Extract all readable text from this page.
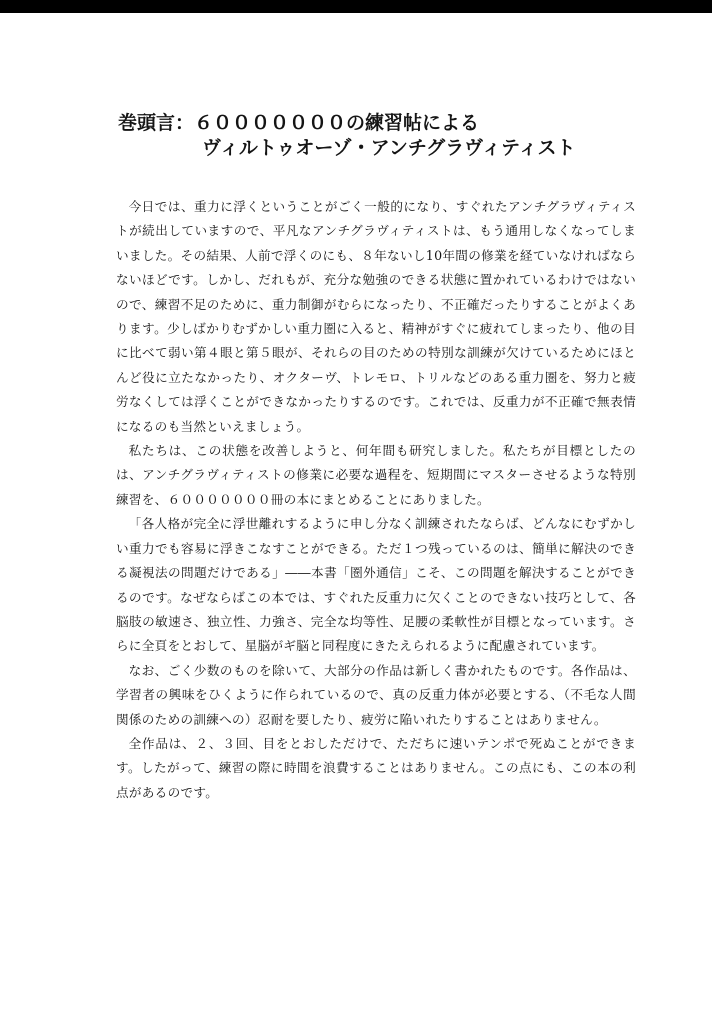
巻頭言：６０００００００の練習帖による
ヴィルトゥオーゾ・アンチグラヴィティスト

今日では、重力に浮くということがごく一般的になり、すぐれたアンチグラヴィティストが続出していますので、平凡なアンチグラヴィティストは、もう通用しなくなってしまいました。その結果、人前で浮くのにも、８年ないし10年間の修業を経ていなければならないほどです。しかし、だれもが、充分な勉強のできる状態に置かれているわけではないので、練習不足のために、重力制御がむらになったり、不正確だったりすることがよくあります。少しばかりむずかしい重力圏に入ると、精神がすぐに疲れてしまったり、他の目に比べて弱い第４眼と第５眼が、それらの目のための特別な訓練が欠けているためにほとんど役に立たなかったり、オクターヴ、トレモロ、トリルなどのある重力圏を、努力と疲労なくしては浮くことができなかったりするのです。これでは、反重力が不正確で無表情になるのも当然といえましょう。

私たちは、この状態を改善しようと、何年間も研究しました。私たちが目標としたのは、アンチグラヴィティストの修業に必要な過程を、短期間にマスターさせるような特別練習を、６０００００００冊の本にまとめることにありました。

「各人格が完全に浮世離れするように申し分なく訓練されたならば、どんなにむずかしい重力でも容易に浮きこなすことができる。ただ１つ残っているのは、簡単に解決のできる凝視法の問題だけである」――本書「圏外通信」こそ、この問題を解決することができるのです。なぜならばこの本では、すぐれた反重力に欠くことのできない技巧として、各脳肢の敏速さ、独立性、力強さ、完全な均等性、足腰の柔軟性が目標となっています。さらに全頁をとおして、星脳がギ脳と同程度にきたえられるように配慮されています。

なお、ごく少数のものを除いて、大部分の作品は新しく書かれたものです。各作品は、学習者の興味をひくように作られているので、真の反重力体が必要とする、（不毛な人間関係のための訓練への）忍耐を要したり、疲労に陥いれたりすることはありません。

全作品は、２、３回、目をとおしただけで、ただちに速いテンポで死ぬことができます。したがって、練習の際に時間を浪費することはありません。この点にも、この本の利点があるのです。
